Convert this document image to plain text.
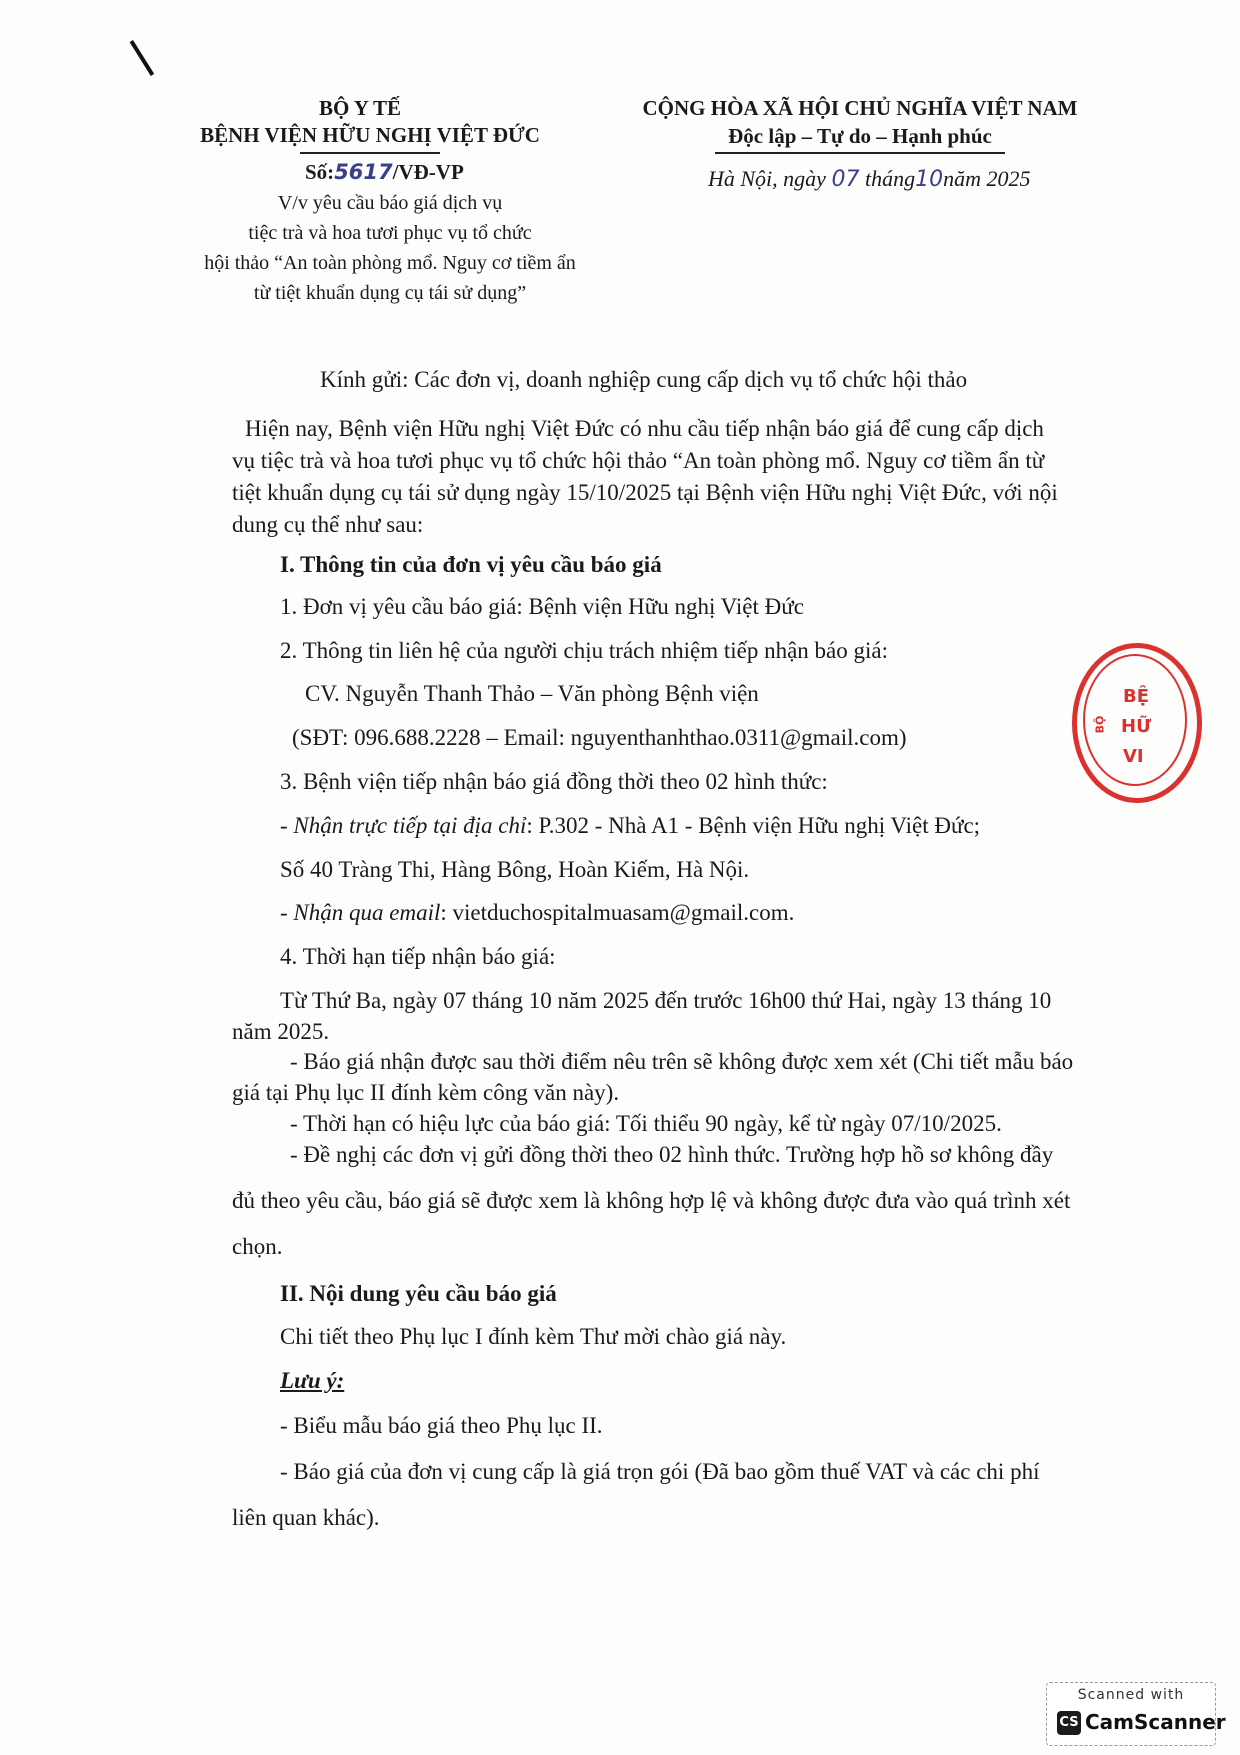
BỘ Y TẾ
BỆNH VIỆN HỮU NGHỊ VIỆT ĐỨC
Số:5617/VĐ-VP
V/v yêu cầu báo giá dịch vụ
tiệc trà và hoa tươi phục vụ tổ chức
hội thảo “An toàn phòng mổ. Nguy cơ tiềm ẩn
từ tiệt khuẩn dụng cụ tái sử dụng”
CỘNG HÒA XÃ HỘI CHỦ NGHĨA VIỆT NAM
Độc lập – Tự do – Hạnh phúc
Hà Nội, ngày 07 tháng10năm 2025
Kính gửi: Các đơn vị, doanh nghiệp cung cấp dịch vụ tổ chức hội thảo
Hiện nay, Bệnh viện Hữu nghị Việt Đức có nhu cầu tiếp nhận báo giá để cung cấp dịch
vụ tiệc trà và hoa tươi phục vụ tổ chức hội thảo “An toàn phòng mổ. Nguy cơ tiềm ẩn từ
tiệt khuẩn dụng cụ tái sử dụng ngày 15/10/2025 tại Bệnh viện Hữu nghị Việt Đức, với nội
dung cụ thể như sau:
I. Thông tin của đơn vị yêu cầu báo giá
1. Đơn vị yêu cầu báo giá: Bệnh viện Hữu nghị Việt Đức
2. Thông tin liên hệ của người chịu trách nhiệm tiếp nhận báo giá:
CV. Nguyễn Thanh Thảo – Văn phòng Bệnh viện
(SĐT: 096.688.2228 – Email: nguyenthanhthao.0311@gmail.com)
3. Bệnh viện tiếp nhận báo giá đồng thời theo 02 hình thức:
- Nhận trực tiếp tại địa chỉ: P.302 - Nhà A1 - Bệnh viện Hữu nghị Việt Đức;
Số 40 Tràng Thi, Hàng Bông, Hoàn Kiếm, Hà Nội.
- Nhận qua email: vietduchospitalmuasam@gmail.com.
4. Thời hạn tiếp nhận báo giá:
Từ Thứ Ba, ngày 07 tháng 10 năm 2025 đến trước 16h00 thứ Hai, ngày 13 tháng 10
năm 2025.
- Báo giá nhận được sau thời điểm nêu trên sẽ không được xem xét (Chi tiết mẫu báo
giá tại Phụ lục II đính kèm công văn này).
- Thời hạn có hiệu lực của báo giá: Tối thiểu 90 ngày, kể từ ngày 07/10/2025.
- Đề nghị các đơn vị gửi đồng thời theo 02 hình thức. Trường hợp hồ sơ không đầy
đủ theo yêu cầu, báo giá sẽ được xem là không hợp lệ và không được đưa vào quá trình xét
chọn.
II. Nội dung yêu cầu báo giá
Chi tiết theo Phụ lục I đính kèm Thư mời chào giá này.
Lưu ý:
- Biểu mẫu báo giá theo Phụ lục II.
- Báo giá của đơn vị cung cấp là giá trọn gói (Đã bao gồm thuế VAT và các chi phí
liên quan khác).
BỆ
HỮ
VI
BỘ
Scanned with
CS CamScanner
